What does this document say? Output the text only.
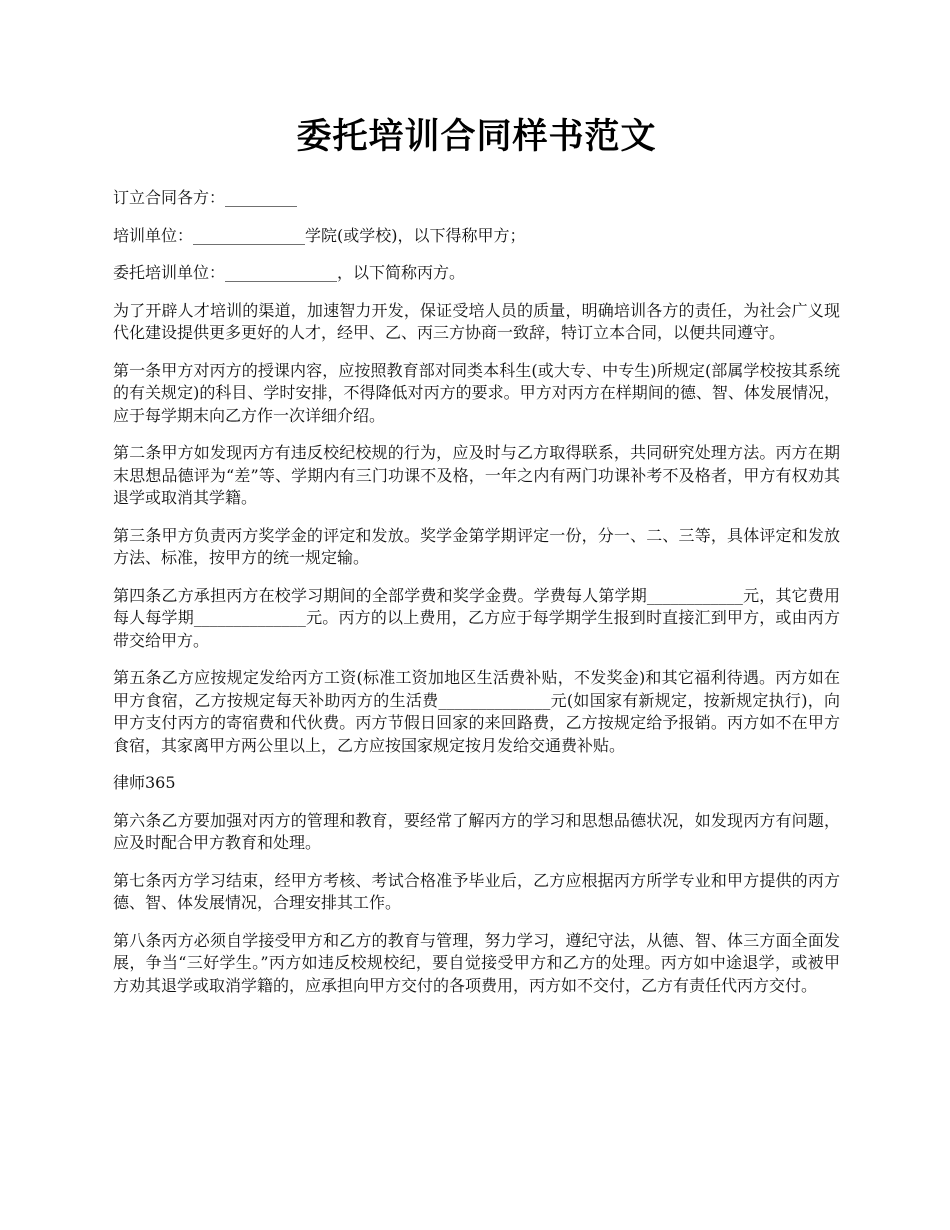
委托培训合同样书范文

订立合同各方：_________

培训单位：______________学院(或学校)，以下得称甲方；

委托培训单位：______________，以下简称丙方。

为了开辟人才培训的渠道，加速智力开发，保证受培人员的质量，明确培训各方的责任，为社会广义现代化建设提供更多更好的人才，经甲、乙、丙三方协商一致辞，特订立本合同，以便共同遵守。

第一条甲方对丙方的授课内容，应按照教育部对同类本科生(或大专、中专生)所规定(部属学校按其系统的有关规定)的科目、学时安排，不得降低对丙方的要求。甲方对丙方在样期间的德、智、体发展情况，应于每学期末向乙方作一次详细介绍。

第二条甲方如发现丙方有违反校纪校规的行为，应及时与乙方取得联系，共同研究处理方法。丙方在期末思想品德评为“差”等、学期内有三门功课不及格，一年之内有两门功课补考不及格者，甲方有权劝其退学或取消其学籍。

第三条甲方负责丙方奖学金的评定和发放。奖学金第学期评定一份，分一、二、三等，具体评定和发放方法、标准，按甲方的统一规定输。

第四条乙方承担丙方在校学习期间的全部学费和奖学金费。学费每人第学期____________元，其它费用每人每学期______________元。丙方的以上费用，乙方应于每学期学生报到时直接汇到甲方，或由丙方带交给甲方。

第五条乙方应按规定发给丙方工资(标准工资加地区生活费补贴，不发奖金)和其它福利待遇。丙方如在甲方食宿，乙方按规定每天补助丙方的生活费______________元(如国家有新规定，按新规定执行)，向甲方支付丙方的寄宿费和代伙费。丙方节假日回家的来回路费，乙方按规定给予报销。丙方如不在甲方食宿，其家离甲方两公里以上，乙方应按国家规定按月发给交通费补贴。

律师365

第六条乙方要加强对丙方的管理和教育，要经常了解丙方的学习和思想品德状况，如发现丙方有问题，应及时配合甲方教育和处理。

第七条丙方学习结束，经甲方考核、考试合格准予毕业后，乙方应根据丙方所学专业和甲方提供的丙方德、智、体发展情况，合理安排其工作。

第八条丙方必须自学接受甲方和乙方的教育与管理，努力学习，遵纪守法，从德、智、体三方面全面发展，争当“三好学生。”丙方如违反校规校纪，要自觉接受甲方和乙方的处理。丙方如中途退学，或被甲方劝其退学或取消学籍的，应承担向甲方交付的各项费用，丙方如不交付，乙方有责任代丙方交付。
